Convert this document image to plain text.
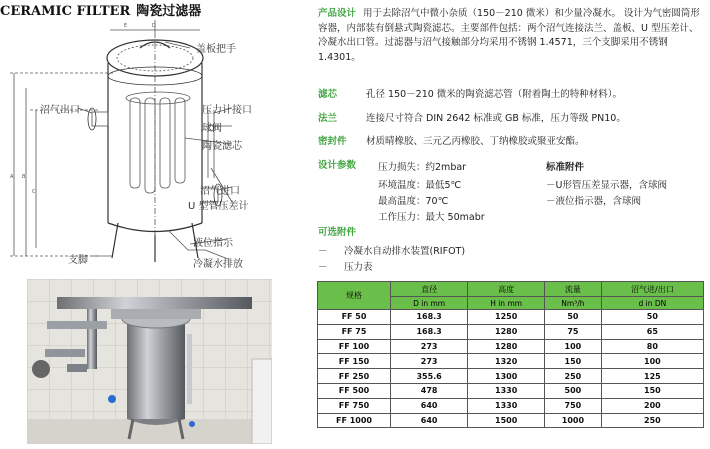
CERAMIC FILTER 陶瓷过滤器
A B
C
D
E
盖板把手
沼气出口	压力计接口
球阀
陶瓷滤芯
沼气进口
U 型管压差计
液位指示
支脚	冷凝水排放
产品设计 用于去除沼气中微小杂质（150－210 微米）和少量冷凝水。 设计为气密圆筒形容器，内部装有倒悬式陶瓷滤芯。主要部件包括：两个沼气连接法兰、盖板、U 型压差计、冷凝水出口管。过滤器与沼气接触部分均采用不锈钢 1.4571，三个支脚采用不锈钢 1.4301。
滤芯	孔径 150－210 微米的陶瓷滤芯管（附着陶土的特种材料）。
法兰	连接尺寸符合 DIN 2642 标准或 GB 标准，压力等级 PN10。
密封件 材质晴橡胶、三元乙丙橡胶、丁纳橡胶或聚亚安酯。
设计参数 压力损失：约2mbar
环境温度：最低5℃
最高温度：70℃
工作压力：最大 50mabr
标准附件
－U形管压差显示器，含球阀
－液位指示器，含球阀
可选附件
－ 冷凝水自动排水装置(RIFOT)
－ 压力表
规格	直径	高度	流量	沼气进/出口
	D in mm	H in mm	Nm³/h	d in DN
FF 50	168.3	1250	50	50
FF 75	168.3	1280	75	65
FF 100	273	1280	100	80
FF 150	273	1320	150	100
FF 250	355.6	1300	250	125
FF 500	478	1330	500	150
FF 750	640	1330	750	200
FF 1000	640	1500	1000	250
